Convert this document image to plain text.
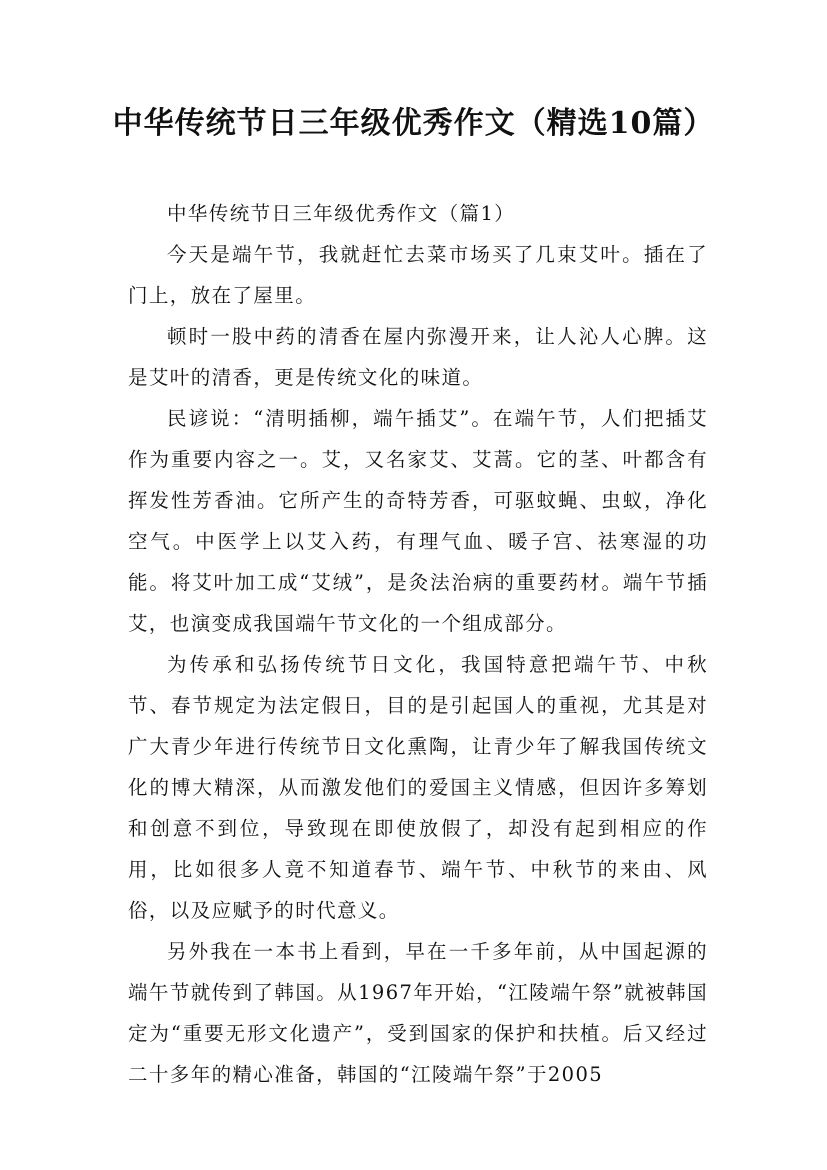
中华传统节日三年级优秀作文（精选10篇）

中华传统节日三年级优秀作文（篇1）

今天是端午节，我就赶忙去菜市场买了几束艾叶。插在了门上，放在了屋里。

顿时一股中药的清香在屋内弥漫开来，让人沁人心脾。这是艾叶的清香，更是传统文化的味道。

民谚说：“清明插柳，端午插艾”。在端午节，人们把插艾作为重要内容之一。艾，又名家艾、艾蒿。它的茎、叶都含有挥发性芳香油。它所产生的奇特芳香，可驱蚊蝇、虫蚁，净化空气。中医学上以艾入药，有理气血、暖子宫、祛寒湿的功能。将艾叶加工成“艾绒”，是灸法治病的重要药材。端午节插艾，也演变成我国端午节文化的一个组成部分。

为传承和弘扬传统节日文化，我国特意把端午节、中秋节、春节规定为法定假日，目的是引起国人的重视，尤其是对广大青少年进行传统节日文化熏陶，让青少年了解我国传统文化的博大精深，从而激发他们的爱国主义情感，但因许多筹划和创意不到位，导致现在即使放假了，却没有起到相应的作用，比如很多人竟不知道春节、端午节、中秋节的来由、风俗，以及应赋予的时代意义。

另外我在一本书上看到，早在一千多年前，从中国起源的端午节就传到了韩国。从1967年开始，“江陵端午祭”就被韩国定为“重要无形文化遗产”，受到国家的保护和扶植。后又经过二十多年的精心准备，韩国的“江陵端午祭”于2005
